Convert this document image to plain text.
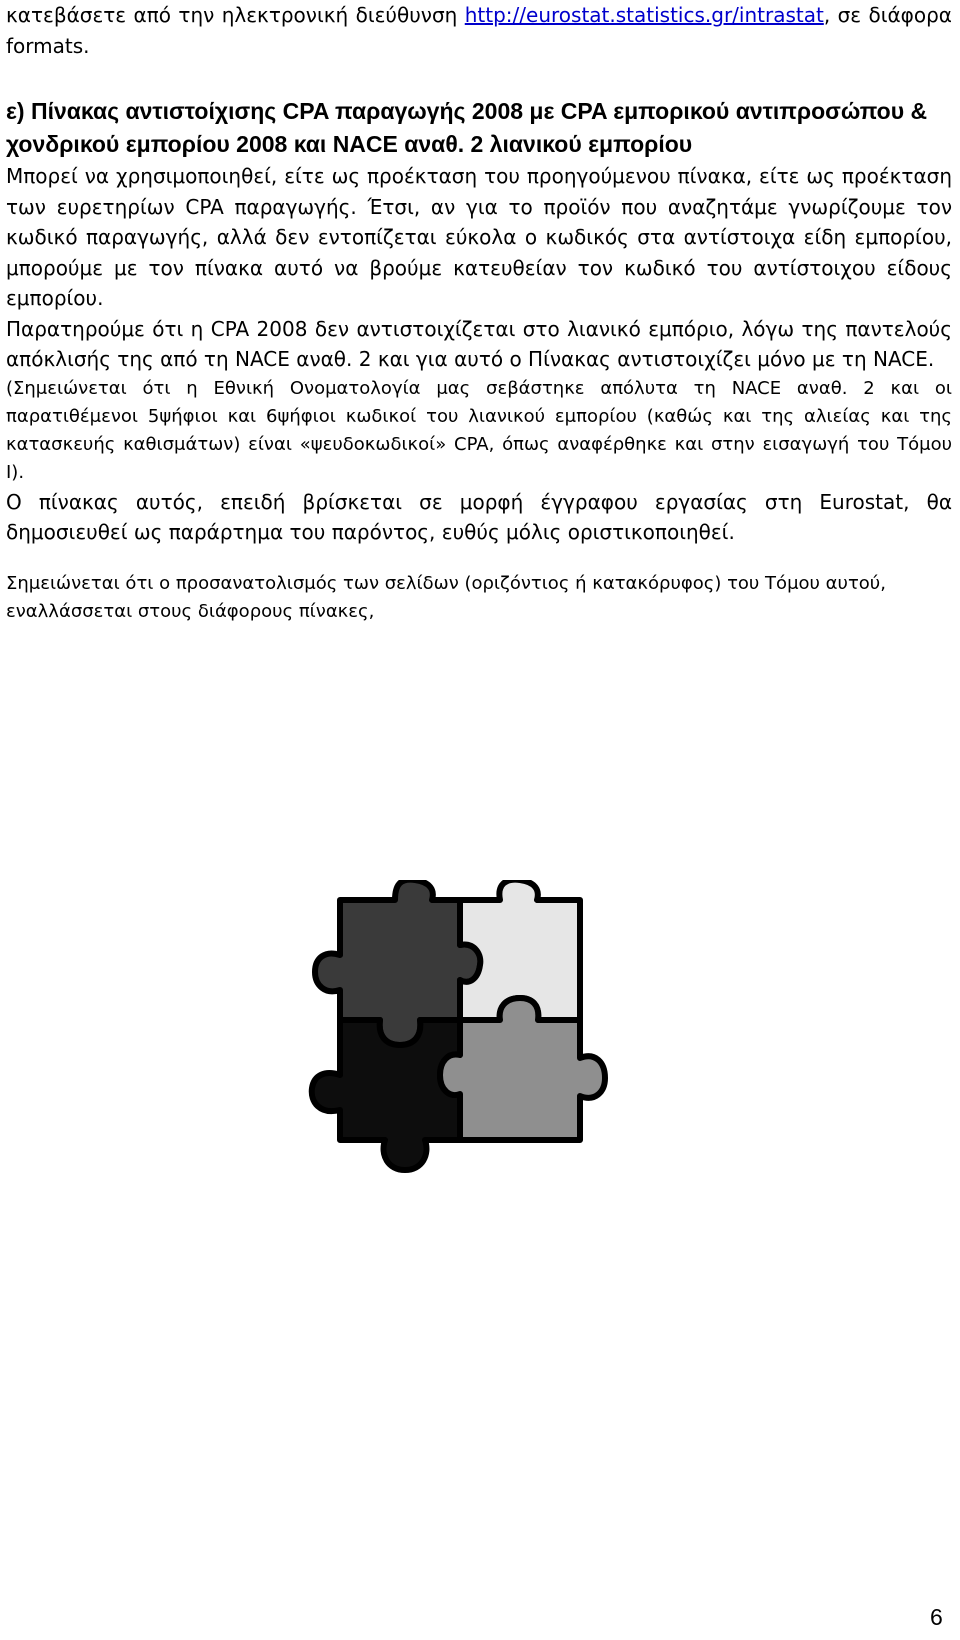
κατεβάσετε από την ηλεκτρονική διεύθυνση http://eurostat.statistics.gr/intrastat, σε διάφορα formats.

ε) Πίνακας αντιστοίχισης CPA παραγωγής 2008 με CPA εμπορικού αντιπροσώπου & χονδρικού εμπορίου 2008 και NACE αναθ. 2 λιανικού εμπορίου

Μπορεί να χρησιμοποιηθεί, είτε ως προέκταση του προηγούμενου πίνακα, είτε ως προέκταση των ευρετηρίων CPA παραγωγής. Έτσι, αν για το προϊόν που αναζητάμε γνωρίζουμε τον κωδικό παραγωγής, αλλά δεν εντοπίζεται εύκολα ο κωδικός στα αντίστοιχα είδη εμπορίου, μπορούμε με τον πίνακα αυτό να βρούμε κατευθείαν τον κωδικό του αντίστοιχου είδους εμπορίου.

Παρατηρούμε ότι η CPA 2008 δεν αντιστοιχίζεται στο λιανικό εμπόριο, λόγω της παντελούς απόκλισής της από τη NACE αναθ. 2 και για αυτό ο Πίνακας αντιστοιχίζει μόνο με τη NACE.

(Σημειώνεται ότι η Εθνική Ονοματολογία μας σεβάστηκε απόλυτα τη NACE αναθ. 2 και οι παρατιθέμενοι 5ψήφιοι και 6ψήφιοι κωδικοί του λιανικού εμπορίου (καθώς και της αλιείας και της κατασκευής καθισμάτων) είναι «ψευδοκωδικοί» CPA, όπως αναφέρθηκε και στην εισαγωγή του Τόμου Ι).

Ο πίνακας αυτός, επειδή βρίσκεται σε μορφή έγγραφου εργασίας στη Eurostat, θα δημοσιευθεί ως παράρτημα του παρόντος, ευθύς μόλις οριστικοποιηθεί.

Σημειώνεται ότι ο προσανατολισμός των σελίδων (οριζόντιος ή κατακόρυφος) του Τόμου αυτού, εναλλάσσεται στους διάφορους πίνακες,

6
